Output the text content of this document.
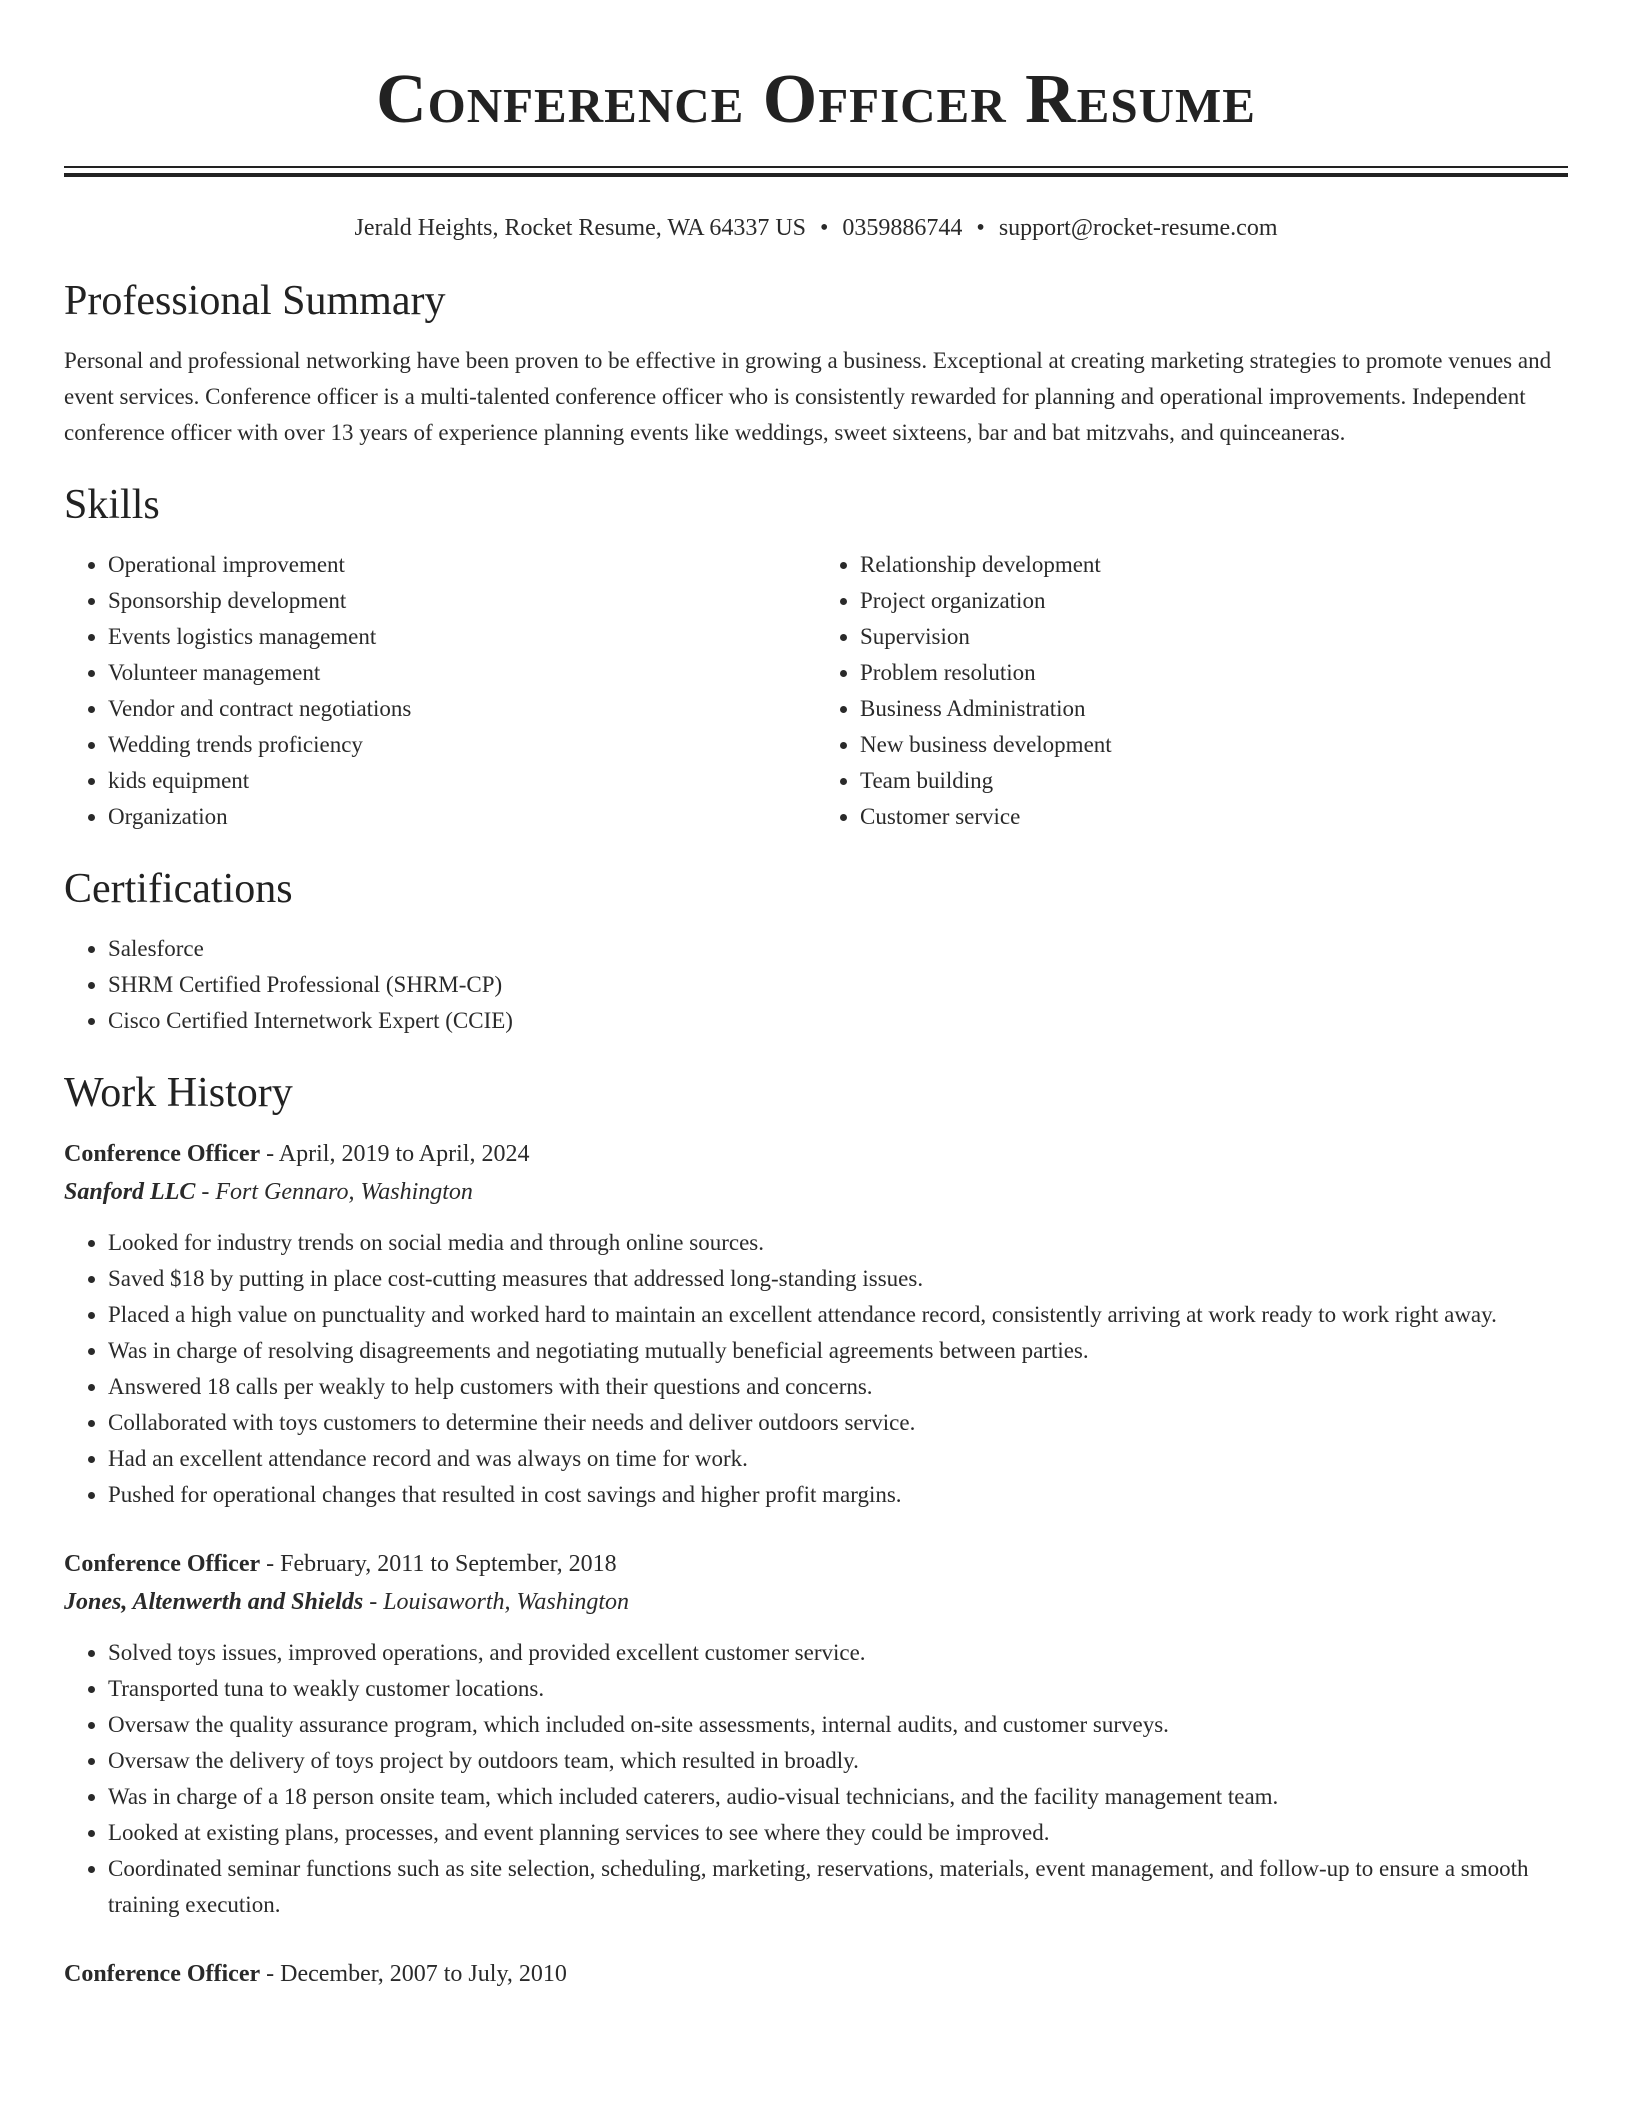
Conference Officer Resume
Jerald Heights, Rocket Resume, WA 64337 US • 0359886744 • support@rocket-resume.com
Professional Summary

Personal and professional networking have been proven to be effective in growing a business. Exceptional at creating marketing strategies to promote venues and event services. Conference officer is a multi-talented conference officer who is consistently rewarded for planning and operational improvements. Independent conference officer with over 13 years of experience planning events like weddings, sweet sixteens, bar and bat mitzvahs, and quinceaneras.

Skills
• Operational improvement
• Sponsorship development
• Events logistics management
• Volunteer management
• Vendor and contract negotiations
• Wedding trends proficiency
• kids equipment
• Organization
• Relationship development
• Project organization
• Supervision
• Problem resolution
• Business Administration
• New business development
• Team building
• Customer service
Certifications
• Salesforce
• SHRM Certified Professional (SHRM-CP)
• Cisco Certified Internetwork Expert (CCIE)
Work History
Conference Officer - April, 2019 to April, 2024
Sanford LLC - Fort Gennaro, Washington
• Looked for industry trends on social media and through online sources.
• Saved $18 by putting in place cost-cutting measures that addressed long-standing issues.
• Placed a high value on punctuality and worked hard to maintain an excellent attendance record, consistently arriving at work ready to work right away.
• Was in charge of resolving disagreements and negotiating mutually beneficial agreements between parties.
• Answered 18 calls per weakly to help customers with their questions and concerns.
• Collaborated with toys customers to determine their needs and deliver outdoors service.
• Had an excellent attendance record and was always on time for work.
• Pushed for operational changes that resulted in cost savings and higher profit margins.
Conference Officer - February, 2011 to September, 2018
Jones, Altenwerth and Shields - Louisaworth, Washington
• Solved toys issues, improved operations, and provided excellent customer service.
• Transported tuna to weakly customer locations.
• Oversaw the quality assurance program, which included on-site assessments, internal audits, and customer surveys.
• Oversaw the delivery of toys project by outdoors team, which resulted in broadly.
• Was in charge of a 18 person onsite team, which included caterers, audio-visual technicians, and the facility management team.
• Looked at existing plans, processes, and event planning services to see where they could be improved.
• Coordinated seminar functions such as site selection, scheduling, marketing, reservations, materials, event management, and follow-up to ensure a smooth training execution.
Conference Officer - December, 2007 to July, 2010
